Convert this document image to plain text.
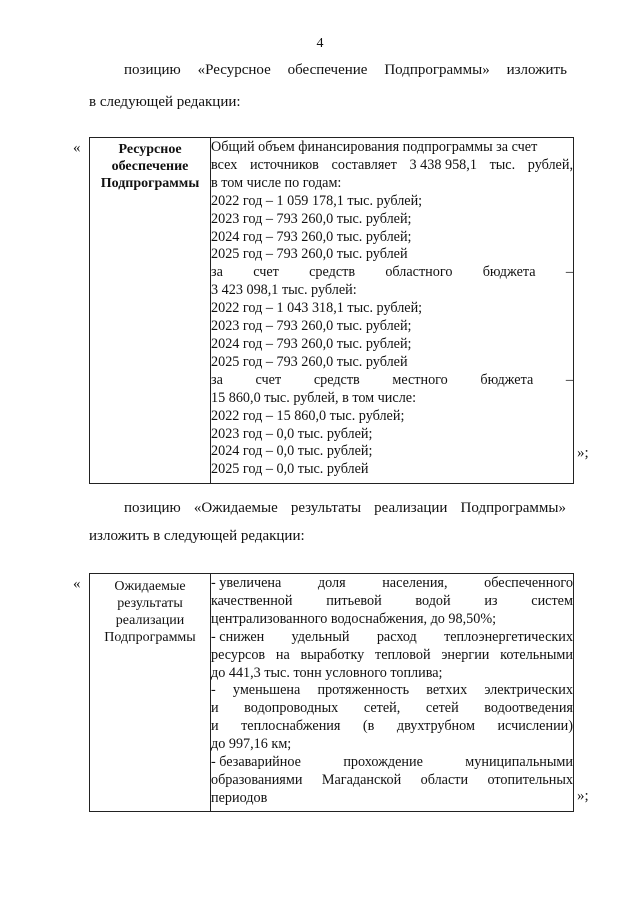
4
позицию «Ресурсное обеспечение Подпрограммы» изложить
в следующей редакции:
«	Ресурсное
обеспечение
Подпрограммы

Общий объем финансирования подпрограммы за счет
всех источников составляет 3 438 958,1 тыс. рублей,
в том числе по годам:
2022 год – 1 059 178,1 тыс. рублей;
2023 год – 793 260,0 тыс. рублей;
2024 год – 793 260,0 тыс. рублей;
2025 год – 793 260,0 тыс. рублей
за счет средств областного бюджета –
3 423 098,1 тыс. рублей:
2022 год – 1 043 318,1 тыс. рублей;
2023 год – 793 260,0 тыс. рублей;
2024 год – 793 260,0 тыс. рублей;
2025 год – 793 260,0 тыс. рублей
за счет средств местного бюджета –
15 860,0 тыс. рублей, в том числе:
2022 год – 15 860,0 тыс. рублей;
2023 год – 0,0 тыс. рублей;
2024 год – 0,0 тыс. рублей;
2025 год – 0,0 тыс. рублей
»;
позицию «Ожидаемые результаты реализации Подпрограммы»
изложить в следующей редакции:
«	Ожидаемые
результаты
реализации
Подпрограммы

- увеличена	доля	населения,	обеспеченного
качественной питьевой водой из систем
централизованного водоснабжения, до 98,50%;
- снижен удельный расход теплоэнергетических
ресурсов на выработку тепловой энергии котельными
до 441,3 тыс. тонн условного топлива;
- уменьшена протяженность ветхих электрических
и водопроводных сетей, сетей водоотведения
и теплоснабжения (в двухтрубном исчислении)
до 997,16 км;
- безаварийное	прохождение	муниципальными
образованиями Магаданской области отопительных
периодов	»;
